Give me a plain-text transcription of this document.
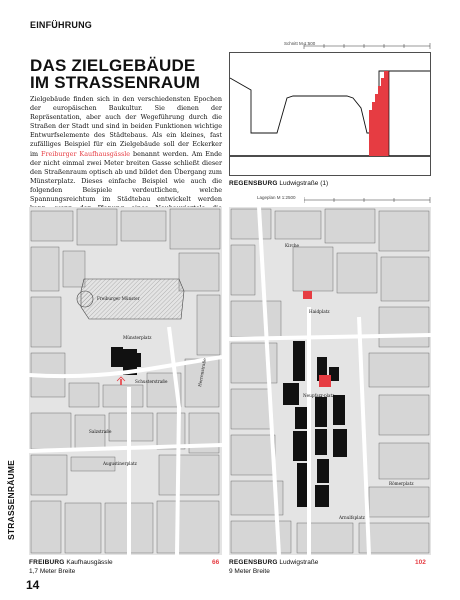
EINFÜHRUNG
DAS ZIELGEBÄUDE
IM STRASSENRAUM
Zielgebäude finden sich in den verschiedensten Epochen der europäischen Baukultur. Sie dienen der Repräsentation, aber auch der Wegeführung durch die Straßen der Stadt und sind in beiden Funktionen wichtige Entwurfselemente des Städtebaus. Als ein kleines, fast zufälliges Beispiel für ein Zielgebäude soll der Eckerker im Freiburger Kaufhausgässle benannt werden. Am Ende der nicht einmal zwei Meter breiten Gasse schließt dieser den Straßenraum optisch ab und bildet den Übergang zum Münsterplatz. Dieses einfache Beispiel wie auch die folgenden Beispiele verdeutlichen, welche Spannungsreichtum im Städtebau entwickelt werden
Schnitt M 1:500
REGENSBURG Ludwigstraße (1)
Lageplan M 1:2500
Freiburger Münster
Münsterplatz
Schusterstraße	Herrenstraße
Salzstraße
Augustinerplatz
FREIBURG Kaufhausgässle
1,7 Meter Breite
66
Kirche
Haidplatz
Neupfarr-platz
Ludwigstraße
Arnulfsplatz
Römerplatz
REGENSBURG Ludwigstraße
9 Meter Breite
102
STRASSENRÄUME
14
